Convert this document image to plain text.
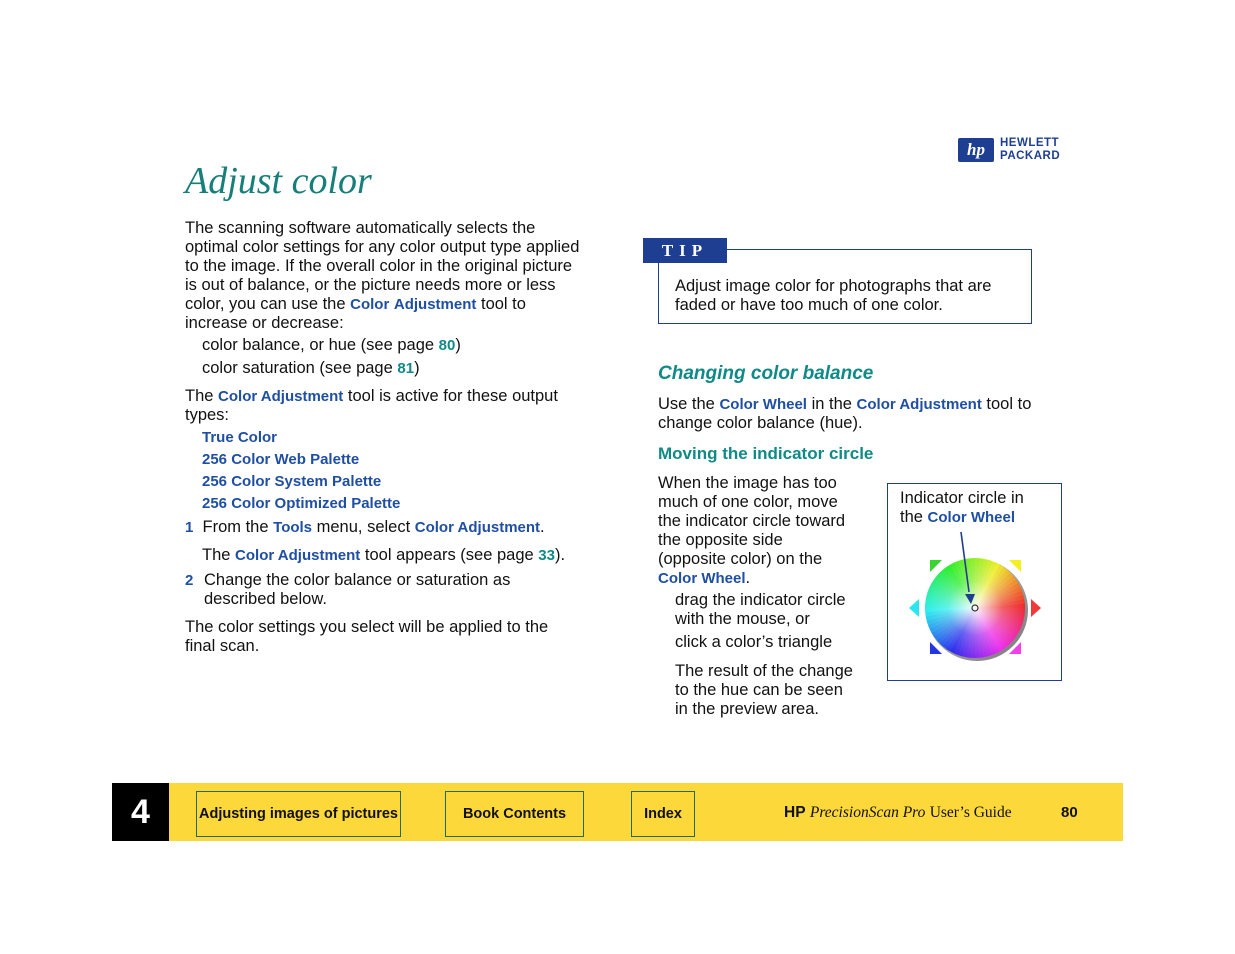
hp	HEWLETT
PACKARD
Adjust color
The scanning software automatically selects the optimal color settings for any color output type applied to the image. If the overall color in the original picture is out of balance, or the picture needs more or less color, you can use the Color Adjustment tool to increase or decrease:
color balance, or hue (see page 80)
color saturation (see page 81)
The Color Adjustment tool is active for these output
types:
True Color
256 Color Web Palette
256 Color System Palette
256 Color Optimized Palette
1 From the Tools menu, select Color Adjustment.
The Color Adjustment tool appears (see page 33).
2 Change the color balance or saturation as
described below.
The color settings you select will be applied to the
final scan.
TIP
Adjust image color for photographs that are
faded or have too much of one color.
Changing color balance
Use the Color Wheel in the Color Adjustment tool to
change color balance (hue).
Moving the indicator circle
When the image has too
much of one color, move
the indicator circle toward
the opposite side
(opposite color) on the
Color Wheel.
drag the indicator circle
with the mouse, or
click a color’s triangle
The result of the change
to the hue can be seen
in the preview area.
Indicator circle in
the Color Wheel
4	Adjusting images of pictures	Book Contents	Index	HP PrecisionScan Pro User’s Guide	80
